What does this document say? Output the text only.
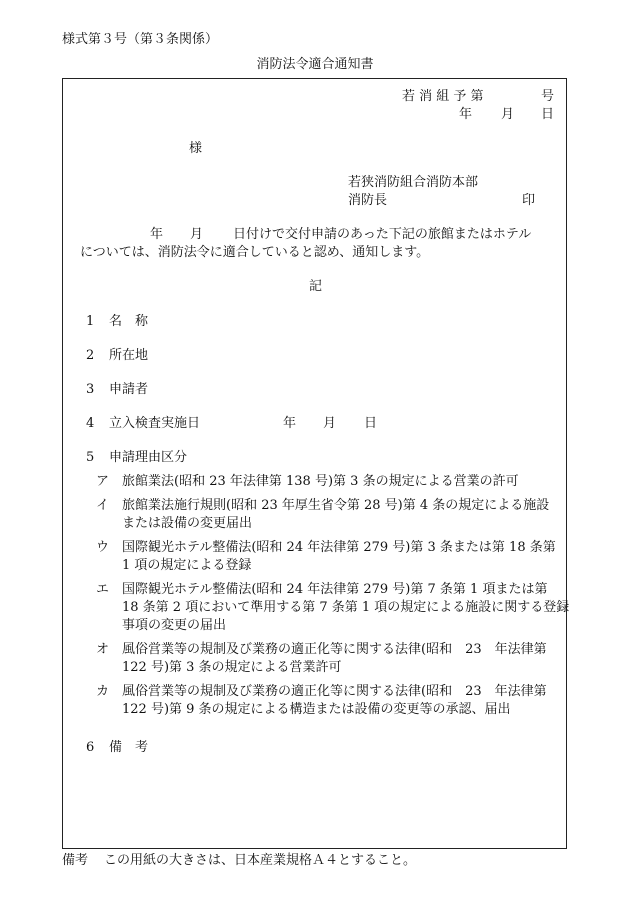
様式第３号（第３条関係）
消防法令適合通知書
若 消 組 予 第	号
年 月 日
様
若狭消防組合消防本部
消防長	印
年 月 日付けで交付申請のあった下記の旅館またはホテル
については、消防法令に適合していると認め、通知します。
記
1 名　称
2 所在地
3 申請者
4 立入検査実施日	年 月 日
5 申請理由区分
ア 旅館業法(昭和 23 年法律第 138 号)第 3 条の規定による営業の許可
イ 旅館業法施行規則(昭和 23 年厚生省令第 28 号)第 4 条の規定による施設
または設備の変更届出
ウ 国際観光ホテル整備法(昭和 24 年法律第 279 号)第 3 条または第 18 条第
1 項の規定による登録
エ 国際観光ホテル整備法(昭和 24 年法律第 279 号)第 7 条第 1 項または第
18 条第 2 項において準用する第 7 条第 1 項の規定による施設に関する登録
事項の変更の届出
オ 風俗営業等の規制及び業務の適正化等に関する法律(昭和　23　年法律第
122 号)第 3 条の規定による営業許可
カ 風俗営業等の規制及び業務の適正化等に関する法律(昭和　23　年法律第
122 号)第 9 条の規定による構造または設備の変更等の承認、届出
6 備　考
備考 この用紙の大きさは、日本産業規格Ａ４とすること。
